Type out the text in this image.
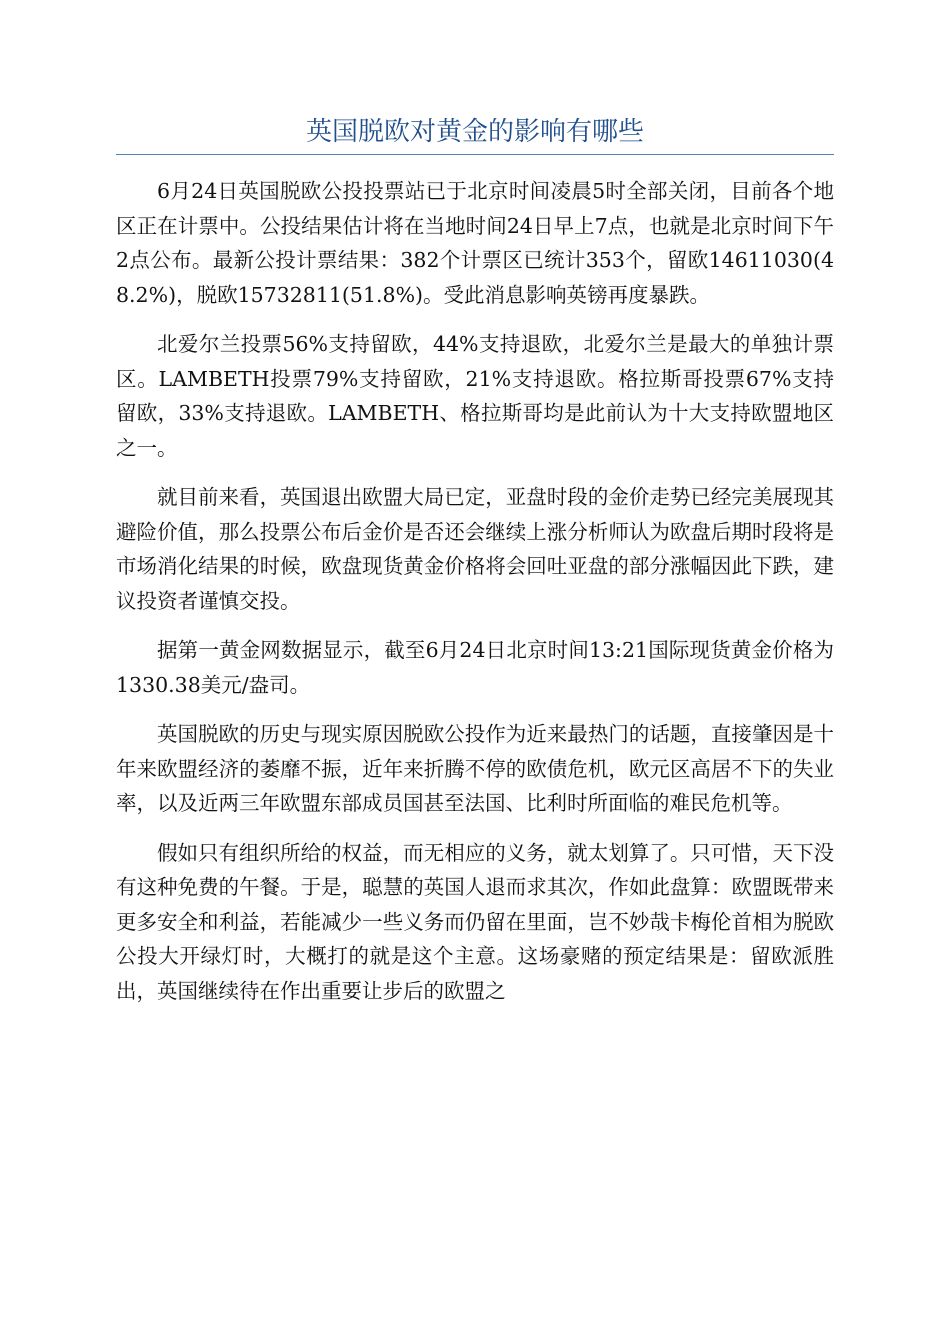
英国脱欧对黄金的影响有哪些

6月24日英国脱欧公投投票站已于北京时间凌晨5时全部关闭，目前各个地区正在计票中。公投结果估计将在当地时间24日早上7点，也就是北京时间下午2点公布。最新公投计票结果：382个计票区已统计353个，留欧14611030(48.2%)，脱欧15732811(51.8%)。受此消息影响英镑再度暴跌。

北爱尔兰投票56%支持留欧，44%支持退欧，北爱尔兰是最大的单独计票区。LAMBETH投票79%支持留欧，21%支持退欧。格拉斯哥投票67%支持留欧，33%支持退欧。LAMBETH、格拉斯哥均是此前认为十大支持欧盟地区之一。

就目前来看，英国退出欧盟大局已定，亚盘时段的金价走势已经完美展现其避险价值，那么投票公布后金价是否还会继续上涨分析师认为欧盘后期时段将是市场消化结果的时候，欧盘现货黄金价格将会回吐亚盘的部分涨幅因此下跌，建议投资者谨慎交投。

据第一黄金网数据显示，截至6月24日北京时间13:21国际现货黄金价格为1330.38美元/盎司。

英国脱欧的历史与现实原因脱欧公投作为近来最热门的话题，直接肇因是十年来欧盟经济的萎靡不振，近年来折腾不停的欧债危机，欧元区高居不下的失业率，以及近两三年欧盟东部成员国甚至法国、比利时所面临的难民危机等。

假如只有组织所给的权益，而无相应的义务，就太划算了。只可惜，天下没有这种免费的午餐。于是，聪慧的英国人退而求其次，作如此盘算：欧盟既带来更多安全和利益，若能减少一些义务而仍留在里面，岂不妙哉卡梅伦首相为脱欧公投大开绿灯时，大概打的就是这个主意。这场豪赌的预定结果是：留欧派胜出，英国继续待在作出重要让步后的欧盟之
